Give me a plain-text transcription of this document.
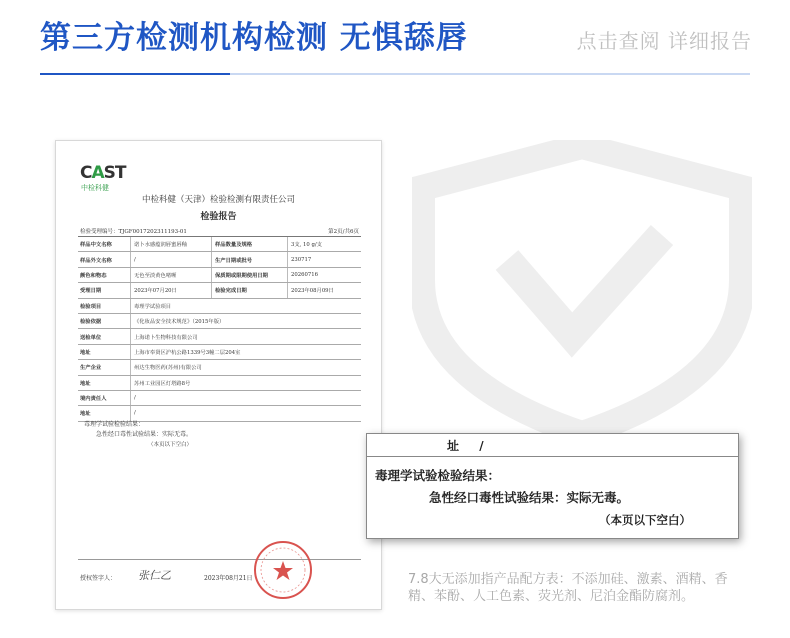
第三方检测机构检测 无惧舔唇	点击查阅 详细报告
CAST
中检科健
中检科健（天津）检验检测有限责任公司
检验报告
检验受理编号：TJGF0017202311193-01	第2页/共6页
样品中文名称	诺卜水感蕴润唇蜜唇釉	样品数量及规格	3支, 10 g/支
样品外文名称	/	生产日期或批号	230717
颜色和物态	无色至淡黄色啫喱	保质期或限期使用日期	20260716
受理日期	2023年07月20日	检验完成日期	2023年08月09日
检验项目	毒理学试验项目
检验依据	《化妆品安全技术规范》（2015年版）
送检单位	上海诺卜生物科技有限公司
地址	上海市奉贤区沪杭公路1339号3幢二层204室
生产企业	州达生物医药(苏州)有限公司
地址	苏州工业园区灯塔路8号
境内责任人	/
地址	/
毒理学试验检验结果：
急性经口毒性试验结果：实际无毒。
（本页以下空白）
授权签字人： 张仁乙	2023年08月21日
址 /
毒理学试验检验结果：
急性经口毒性试验结果：实际无毒。
（本页以下空白）
7.8大无添加指产品配方表：不添加硅、激素、酒精、香精、苯酚、人工色素、荧光剂、尼泊金酯防腐剂。
